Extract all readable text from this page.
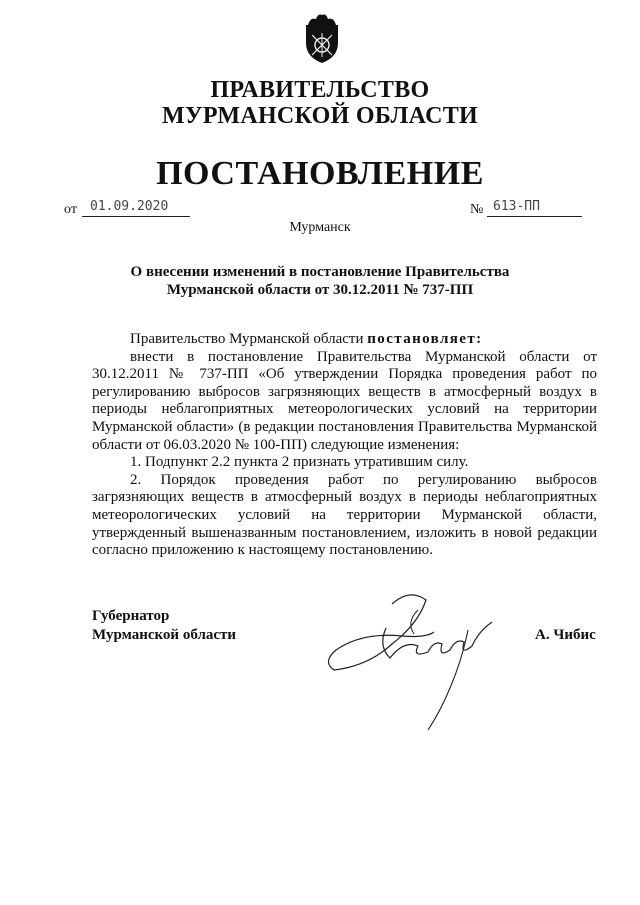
ПРАВИТЕЛЬСТВО
МУРМАНСКОЙ ОБЛАСТИ
ПОСТАНОВЛЕНИЕ
от 01.09.2020	№ 613-ПП
Мурманск
О внесении изменений в постановление Правительства
Мурманской области от 30.12.2011 № 737-ПП

Правительство Мурманской области постановляет:

внести в постановление Правительства Мурманской области от 30.12.2011 № 737-ПП «Об утверждении Порядка проведения работ по регулированию выбросов загрязняющих веществ в атмосферный воздух в периоды неблагоприятных метеорологических условий на территории Мурманской области» (в редакции постановления Правительства Мурманской области от 06.03.2020 № 100-ПП) следующие изменения:

1. Подпункт 2.2 пункта 2 признать утратившим силу.

2. Порядок проведения работ по регулированию выбросов загрязняющих веществ в атмосферный воздух в периоды неблагоприятных метеорологических условий на территории Мурманской области, утвержденный вышеназванным постановлением, изложить в новой редакции согласно приложению к настоящему постановлению.

Губернатор
Мурманской области	А. Чибис
